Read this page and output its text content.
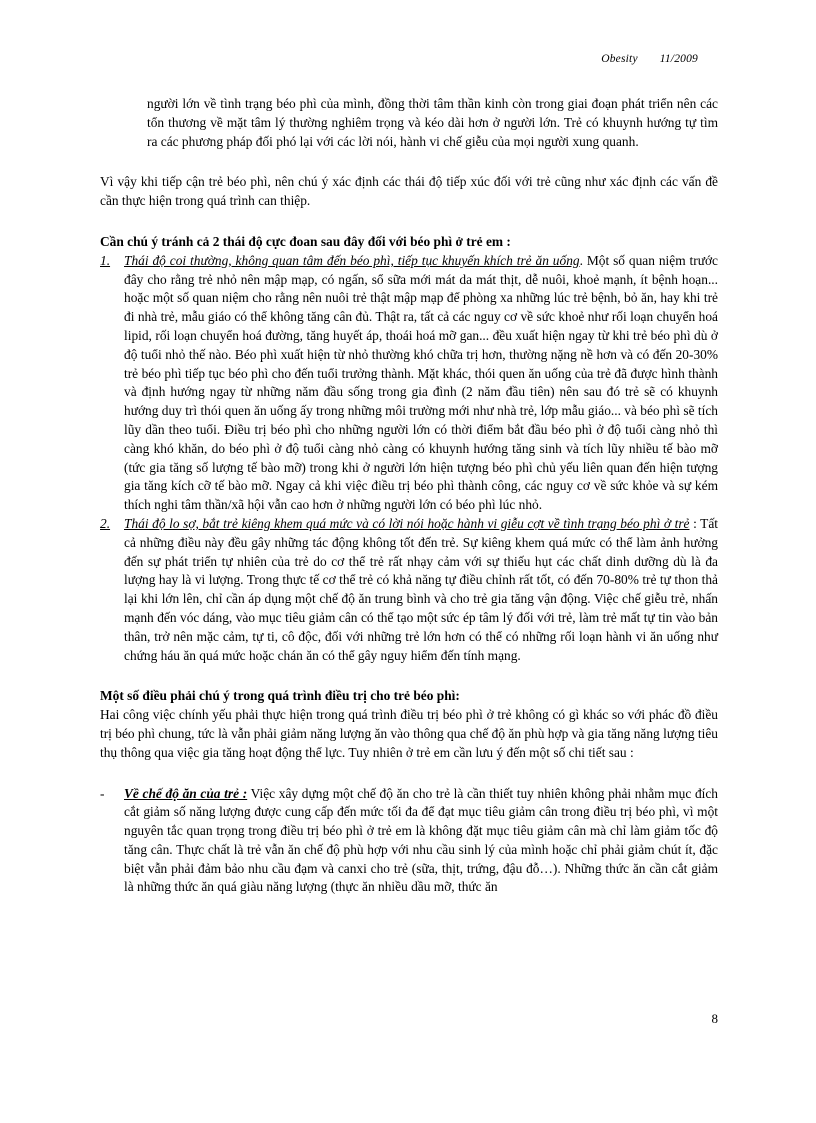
Obesity 11/2009

người lớn về tình trạng béo phì của mình, đồng thời tâm thần kinh còn trong giai đoạn phát triển nên các tổn thương về mặt tâm lý thường nghiêm trọng và kéo dài hơn ở người lớn. Trẻ có khuynh hướng tự tìm ra các phương pháp đối phó lại với các lời nói, hành vi chế giễu của mọi người xung quanh.

Vì vậy khi tiếp cận trẻ béo phì, nên chú ý xác định các thái độ tiếp xúc đối với trẻ cũng như xác định các vấn đề cần thực hiện trong quá trình can thiệp.

Cần chú ý tránh cả 2 thái độ cực đoan sau đây đối với béo phì ở trẻ em :

1. Thái độ coi thường, không quan tâm đến béo phì, tiếp tục khuyến khích trẻ ăn uống. Một số quan niệm trước đây cho rằng trẻ nhỏ nên mập mạp, có ngấn, sổ sữa mới mát da mát thịt, dễ nuôi, khoẻ mạnh, ít bệnh hoạn... hoặc một số quan niệm cho rằng nên nuôi trẻ thật mập mạp để phòng xa những lúc trẻ bệnh, bỏ ăn, hay khi trẻ đi nhà trẻ, mẫu giáo có thể không tăng cân đủ. Thật ra, tất cả các nguy cơ về sức khoẻ như rối loạn chuyển hoá lipid, rối loạn chuyển hoá đường, tăng huyết áp, thoái hoá mỡ gan... đều xuất hiện ngay từ khi trẻ béo phì dù ở độ tuổi nhỏ thế nào. Béo phì xuất hiện từ nhỏ thường khó chữa trị hơn, thường nặng nề hơn và có đến 20-30% trẻ béo phì tiếp tục béo phì cho đến tuổi trưởng thành. Mặt khác, thói quen ăn uống của trẻ đã được hình thành và định hướng ngay từ những năm đầu sống trong gia đình (2 năm đầu tiên) nên sau đó trẻ sẽ có khuynh hướng duy trì thói quen ăn uống ấy trong những môi trường mới như nhà trẻ, lớp mẫu giáo... và béo phì sẽ tích lũy dần theo tuổi. Điều trị béo phì cho những người lớn có thời điểm bắt đầu béo phì ở độ tuổi càng nhỏ thì càng khó khăn, do béo phì ở độ tuổi càng nhỏ càng có khuynh hướng tăng sinh và tích lũy nhiều tế bào mỡ (tức gia tăng số lượng tế bào mỡ) trong khi ở người lớn hiện tượng béo phì chủ yếu liên quan đến hiện tượng gia tăng kích cỡ tế bào mỡ. Ngay cả khi việc điều trị béo phì thành công, các nguy cơ về sức khỏe và sự kém thích nghi tâm thần/xã hội vẫn cao hơn ở những người lớn có béo phì lúc nhỏ.
2. Thái độ lo sợ, bắt trẻ kiêng khem quá mức và có lời nói hoặc hành vi giễu cợt về tình trạng béo phì ở trẻ : Tất cả những điều này đều gây những tác động không tốt đến trẻ. Sự kiêng khem quá mức có thể làm ảnh hưởng đến sự phát triển tự nhiên của trẻ do cơ thể trẻ rất nhạy cảm với sự thiếu hụt các chất dinh dưỡng dù là đa lượng hay là vi lượng. Trong thực tế cơ thể trẻ có khả năng tự điều chỉnh rất tốt, có đến 70-80% trẻ tự thon thả lại khi lớn lên, chỉ cần áp dụng một chế độ ăn trung bình và cho trẻ gia tăng vận động. Việc chế giễu trẻ, nhấn mạnh đến vóc dáng, vào mục tiêu giảm cân có thể tạo một sức ép tâm lý đối với trẻ, làm trẻ mất tự tin vào bản thân, trở nên mặc cảm, tự ti, cô độc, đối với những trẻ lớn hơn có thể có những rối loạn hành vi ăn uống như chứng háu ăn quá mức hoặc chán ăn có thể gây nguy hiểm đến tính mạng.

Một số điều phải chú ý trong quá trình điều trị cho trẻ béo phì:

Hai công việc chính yếu phải thực hiện trong quá trình điều trị béo phì ở trẻ không có gì khác so với phác đồ điều trị béo phì chung, tức là vẫn phải giảm năng lượng ăn vào thông qua chế độ ăn phù hợp và gia tăng năng lượng tiêu thụ thông qua việc gia tăng hoạt động thể lực. Tuy nhiên ở trẻ em cần lưu ý đến một số chi tiết sau :

- Về chế độ ăn của trẻ : Việc xây dựng một chế độ ăn cho trẻ là cần thiết tuy nhiên không phải nhằm mục đích cắt giảm số năng lượng được cung cấp đến mức tối đa để đạt mục tiêu giảm cân trong điều trị béo phì, vì một nguyên tắc quan trọng trong điều trị béo phì ở trẻ em là không đặt mục tiêu giảm cân mà chỉ làm giảm tốc độ tăng cân. Thực chất là trẻ vẫn ăn chế độ phù hợp với nhu cầu sinh lý của mình hoặc chỉ phải giảm chút ít, đặc biệt vẫn phải đảm bảo nhu cầu đạm và canxi cho trẻ (sữa, thịt, trứng, đậu đỗ…). Những thức ăn cần cắt giảm là những thức ăn quá giàu năng lượng (thực ăn nhiều dầu mỡ, thức ăn
8
